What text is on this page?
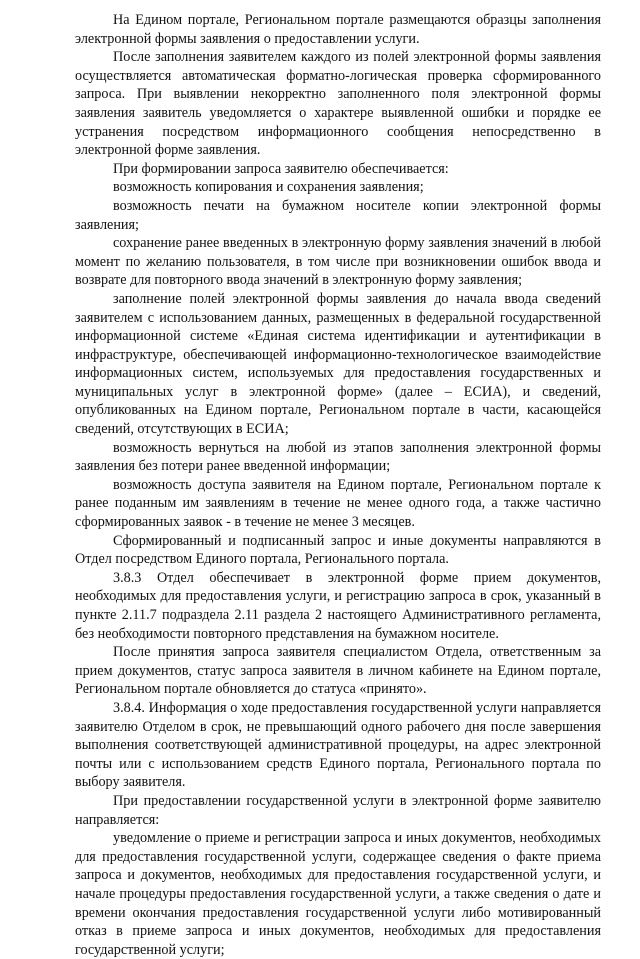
На Едином портале, Региональном портале размещаются образцы заполнения электронной формы заявления о предоставлении услуги.

После заполнения заявителем каждого из полей электронной формы заявления осуществляется автоматическая форматно-логическая проверка сформированного запроса. При выявлении некорректно заполненного поля электронной формы заявления заявитель уведомляется о характере выявленной ошибки и порядке ее устранения посредством информационного сообщения непосредственно в электронной форме заявления.

При формировании запроса заявителю обеспечивается:

возможность копирования и сохранения заявления;

возможность печати на бумажном носителе копии электронной формы заявления;

сохранение ранее введенных в электронную форму заявления значений в любой момент по желанию пользователя, в том числе при возникновении ошибок ввода и возврате для повторного ввода значений в электронную форму заявления;

заполнение полей электронной формы заявления до начала ввода сведений заявителем с использованием данных, размещенных в федеральной государственной информационной системе «Единая система идентификации и аутентификации в инфраструктуре, обеспечивающей информационно-технологическое взаимодействие информационных систем, используемых для предоставления государственных и муниципальных услуг в электронной форме» (далее – ЕСИА), и сведений, опубликованных на Едином портале, Региональном портале в части, касающейся сведений, отсутствующих в ЕСИА;

возможность вернуться на любой из этапов заполнения электронной формы заявления без потери ранее введенной информации;

возможность доступа заявителя на Едином портале, Региональном портале к ранее поданным им заявлениям в течение не менее одного года, а также частично сформированных заявок - в течение не менее 3 месяцев.

Сформированный и подписанный запрос и иные документы направляются в Отдел посредством Единого портала, Регионального портала.

3.8.3 Отдел обеспечивает в электронной форме прием документов, необходимых для предоставления услуги, и регистрацию запроса в срок, указанный в пункте 2.11.7 подраздела 2.11 раздела 2 настоящего Административного регламента, без необходимости повторного представления на бумажном носителе.

После принятия запроса заявителя специалистом Отдела, ответственным за прием документов, статус запроса заявителя в личном кабинете на Едином портале, Региональном портале обновляется до статуса «принято».

3.8.4. Информация о ходе предоставления государственной услуги направляется заявителю Отделом в срок, не превышающий одного рабочего дня после завершения выполнения соответствующей административной процедуры, на адрес электронной почты или с использованием средств Единого портала, Регионального портала по выбору заявителя.

При предоставлении государственной услуги в электронной форме заявителю направляется:

уведомление о приеме и регистрации запроса и иных документов, необходимых для предоставления государственной услуги, содержащее сведения о факте приема запроса и документов, необходимых для предоставления государственной услуги, и начале процедуры предоставления государственной услуги, а также сведения о дате и времени окончания предоставления государственной услуги либо мотивированный отказ в приеме запроса и иных документов, необходимых для предоставления государственной услуги;
